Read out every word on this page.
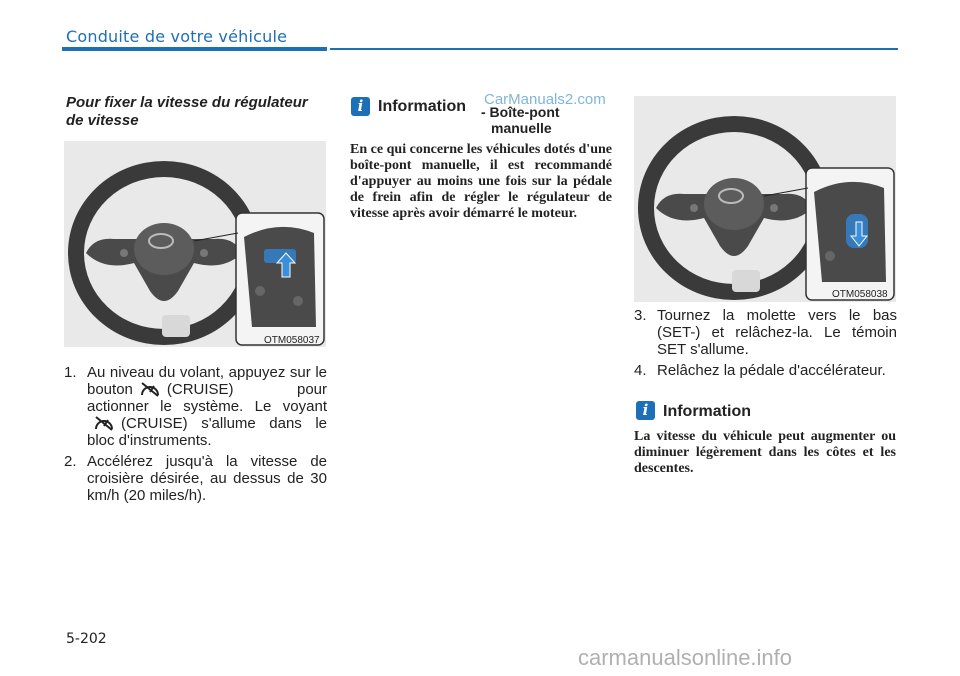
Conduite de votre véhicule
Pour fixer la vitesse du régulateur de vitesse
OTM058037
1. Au niveau du volant, appuyez sur le bouton (CRUISE) pour actionner le système. Le voyant(CRUISE) s'allume dans le bloc d'instruments.
2. Accélérez jusqu'à la vitesse de croisière désirée, au dessus de 30 km/h (20 miles/h).
i Information - Boîte-pont
manuelle
En ce qui concerne les véhicules dotés d'une boîte-pont manuelle, il est recommandé d'appuyer au moins une fois sur la pédale de frein afin de régler le régulateur de vitesse après avoir démarré le moteur.
OTM058038
3. Tournez la molette vers le bas (SET-) et relâchez-la. Le témoin SET s'allume.
4. Relâchez la pédale d'accélérateur.
i Information
La vitesse du véhicule peut augmenter ou diminuer légèrement dans les côtes et les descentes.
5-202
CarManuals2.com
carmanualsonline.info
